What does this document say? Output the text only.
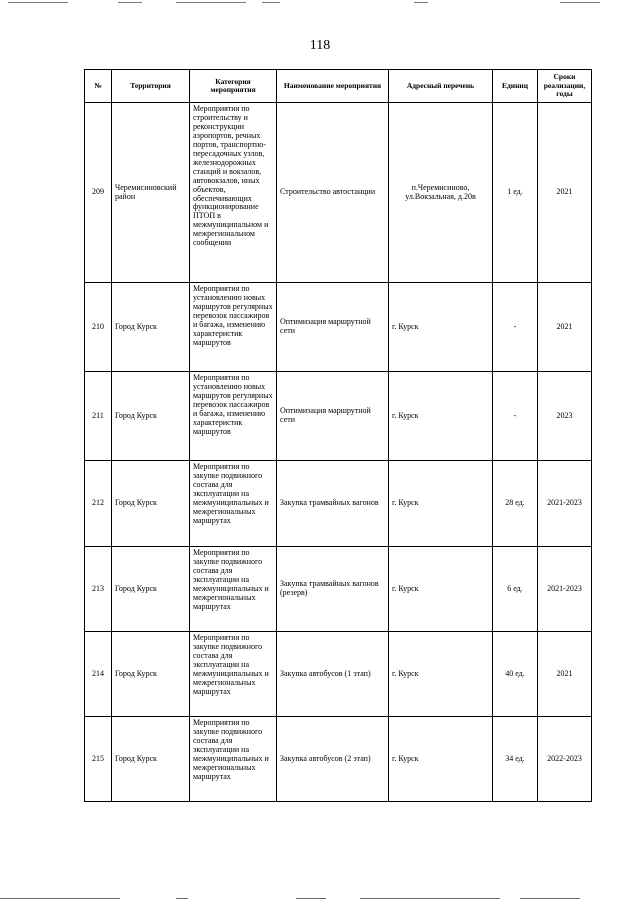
118
№	Территория	Категория мероприятия	Наименование мероприятия	Адресный перечень	Единиц	Сроки реализации, годы
209	Черемисиновский район	Мероприятия по строительству и реконструкции аэропортов, речных портов, транспортно-пересадочных узлов, железнодорожных станций и вокзалов, автовокзалов, иных объектов, обеспечивающих функционирование ПТОП в межмуниципальном и межрегиональном сообщении	Строительство автостанции	п.Черемисиново, ул.Вокзальная, д.20в	1 ед.	2021
210	Город Курск	Мероприятия по установлению новых маршрутов регулярных перевозок пассажиров и багажа, изменению характеристик маршрутов	Оптимизация маршрутной сети	г. Курск	-	2021
211	Город Курск	Мероприятия по установлению новых маршрутов регулярных перевозок пассажиров и багажа, изменению характеристик маршрутов	Оптимизация маршрутной сети	г. Курск	-	2023
212	Город Курск	Мероприятия по закупке подвижного состава для эксплуатации на межмуниципальных и межрегиональных маршрутах	Закупка трамвайных вагонов	г. Курск	28 ед.	2021-2023
213	Город Курск	Мероприятия по закупке подвижного состава для эксплуатации на межмуниципальных и межрегиональных маршрутах	Закупка трамвайных вагонов (резерв)	г. Курск	6 ед.	2021-2023
214	Город Курск	Мероприятия по закупке подвижного состава для эксплуатации на межмуниципальных и межрегиональных маршрутах	Закупка автобусов (1 этап)	г. Курск	40 ед.	2021
215	Город Курск	Мероприятия по закупке подвижного состава для эксплуатации на межмуниципальных и межрегиональных маршрутах	Закупка автобусов (2 этап)	г. Курск	34 ед.	2022-2023
